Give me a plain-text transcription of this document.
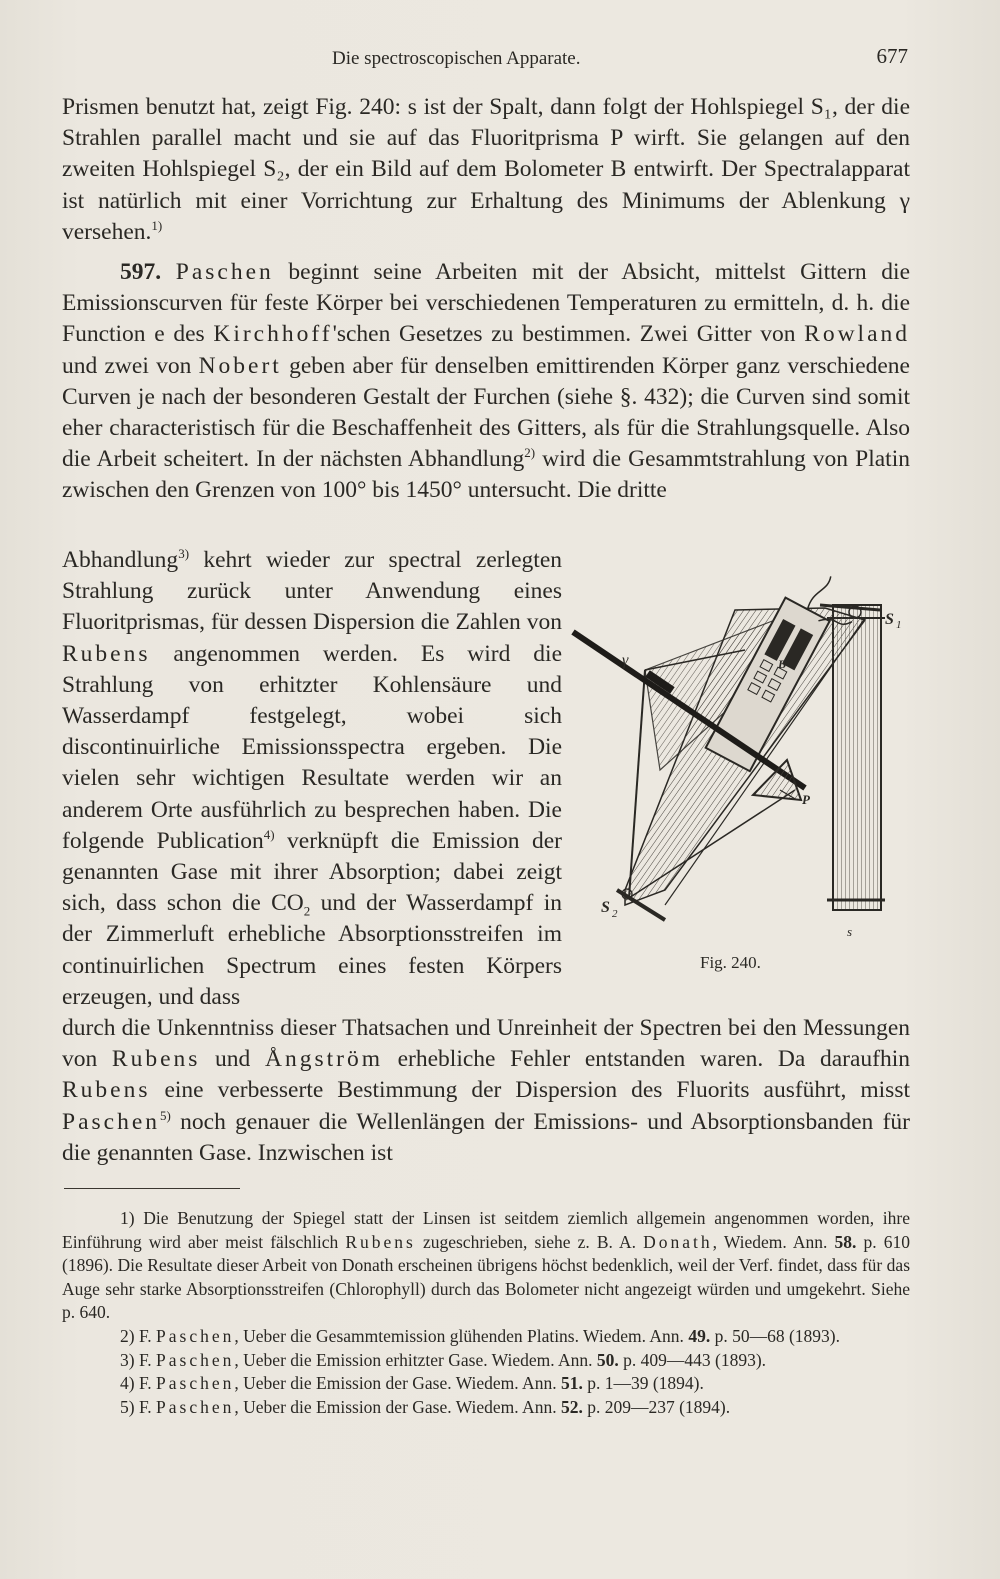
Die spectroscopischen Apparate.	677

Prismen benutzt hat, zeigt Fig. 240: s ist der Spalt, dann folgt der Hohlspiegel S₁, der die Strahlen parallel macht und sie auf das Fluoritprisma P wirft. Sie gelangen auf den zweiten Hohlspiegel S₂, der ein Bild auf dem Bolometer B entwirft. Der Spectralapparat ist natürlich mit einer Vorrichtung zur Erhaltung des Minimums der Ablenkung γ versehen.$^{1)}$

597. Paschen beginnt seine Arbeiten mit der Absicht, mittelst Gittern die Emissionscurven für feste Körper bei verschiedenen Temperaturen zu ermitteln, d. h. die Function e des Kirchhoff'schen Gesetzes zu bestimmen. Zwei Gitter von Rowland und zwei von Nobert geben aber für denselben emittirenden Körper ganz verschiedene Curven je nach der besonderen Gestalt der Furchen (siehe §. 432); die Curven sind somit eher characteristisch für die Beschaffenheit des Gitters, als für die Strahlungsquelle. Also die Arbeit scheitert. In der nächsten Abhandlung$^{2)}$ wird die Gesammtstrahlung von Platin zwischen den Grenzen von 100° bis 1450° untersucht. Die dritte

Abhandlung$^{3)}$ kehrt wieder zur spectral zerlegten Strahlung zurück unter Anwendung eines Fluoritprismas, für dessen Dispersion die Zahlen von Rubens angenommen werden. Es wird die Strahlung von erhitzter Kohlensäure und Wasserdampf festgelegt, wobei sich discontinuirliche Emissionsspectra ergeben. Die vielen sehr wichtigen Resultate werden wir an anderem Orte ausführlich zu besprechen haben. Die folgende Publication$^{4)}$ verknüpft die Emission der genannten Gase mit ihrer Absorption; dabei zeigt sich, dass schon die $CO_2$ und der Wasserdampf in der Zimmerluft erhebliche Absorptionsstreifen im continuirlichen Spectrum eines festen Körpers erzeugen, und dass

durch die Unkenntniss dieser Thatsachen und Unreinheit der Spectren bei den Messungen von Rubens und Ångström erhebliche Fehler entstanden waren. Da daraufhin Rubens eine verbesserte Bestimmung der Dispersion des Fluorits ausführt, misst Paschen$^{5)}$ noch genauer die Wellenlängen der Emissions- und Absorptionsbanden für die genannten Gase. Inzwischen ist

γ	B
S 1
P
S 2
s
Fig. 240.

1) Die Benutzung der Spiegel statt der Linsen ist seitdem ziemlich allgemein angenommen worden, ihre Einführung wird aber meist fälschlich Rubens zugeschrieben, siehe z. B. A. Donath, Wiedem. Ann. 58. p. 610 (1896). Die Resultate dieser Arbeit von Donath erscheinen übrigens höchst bedenklich, weil der Verf. findet, dass für das Auge sehr starke Absorptionsstreifen (Chlorophyll) durch das Bolometer nicht angezeigt würden und umgekehrt. Siehe p. 640.

2) F. Paschen, Ueber die Gesammtemission glühenden Platins. Wiedem. Ann. 49. p. 50—68 (1893).

3) F. Paschen, Ueber die Emission erhitzter Gase. Wiedem. Ann. 50. p. 409—443 (1893).

4) F. Paschen, Ueber die Emission der Gase. Wiedem. Ann. 51. p. 1—39 (1894).

5) F. Paschen, Ueber die Emission der Gase. Wiedem. Ann. 52. p. 209—237 (1894).
